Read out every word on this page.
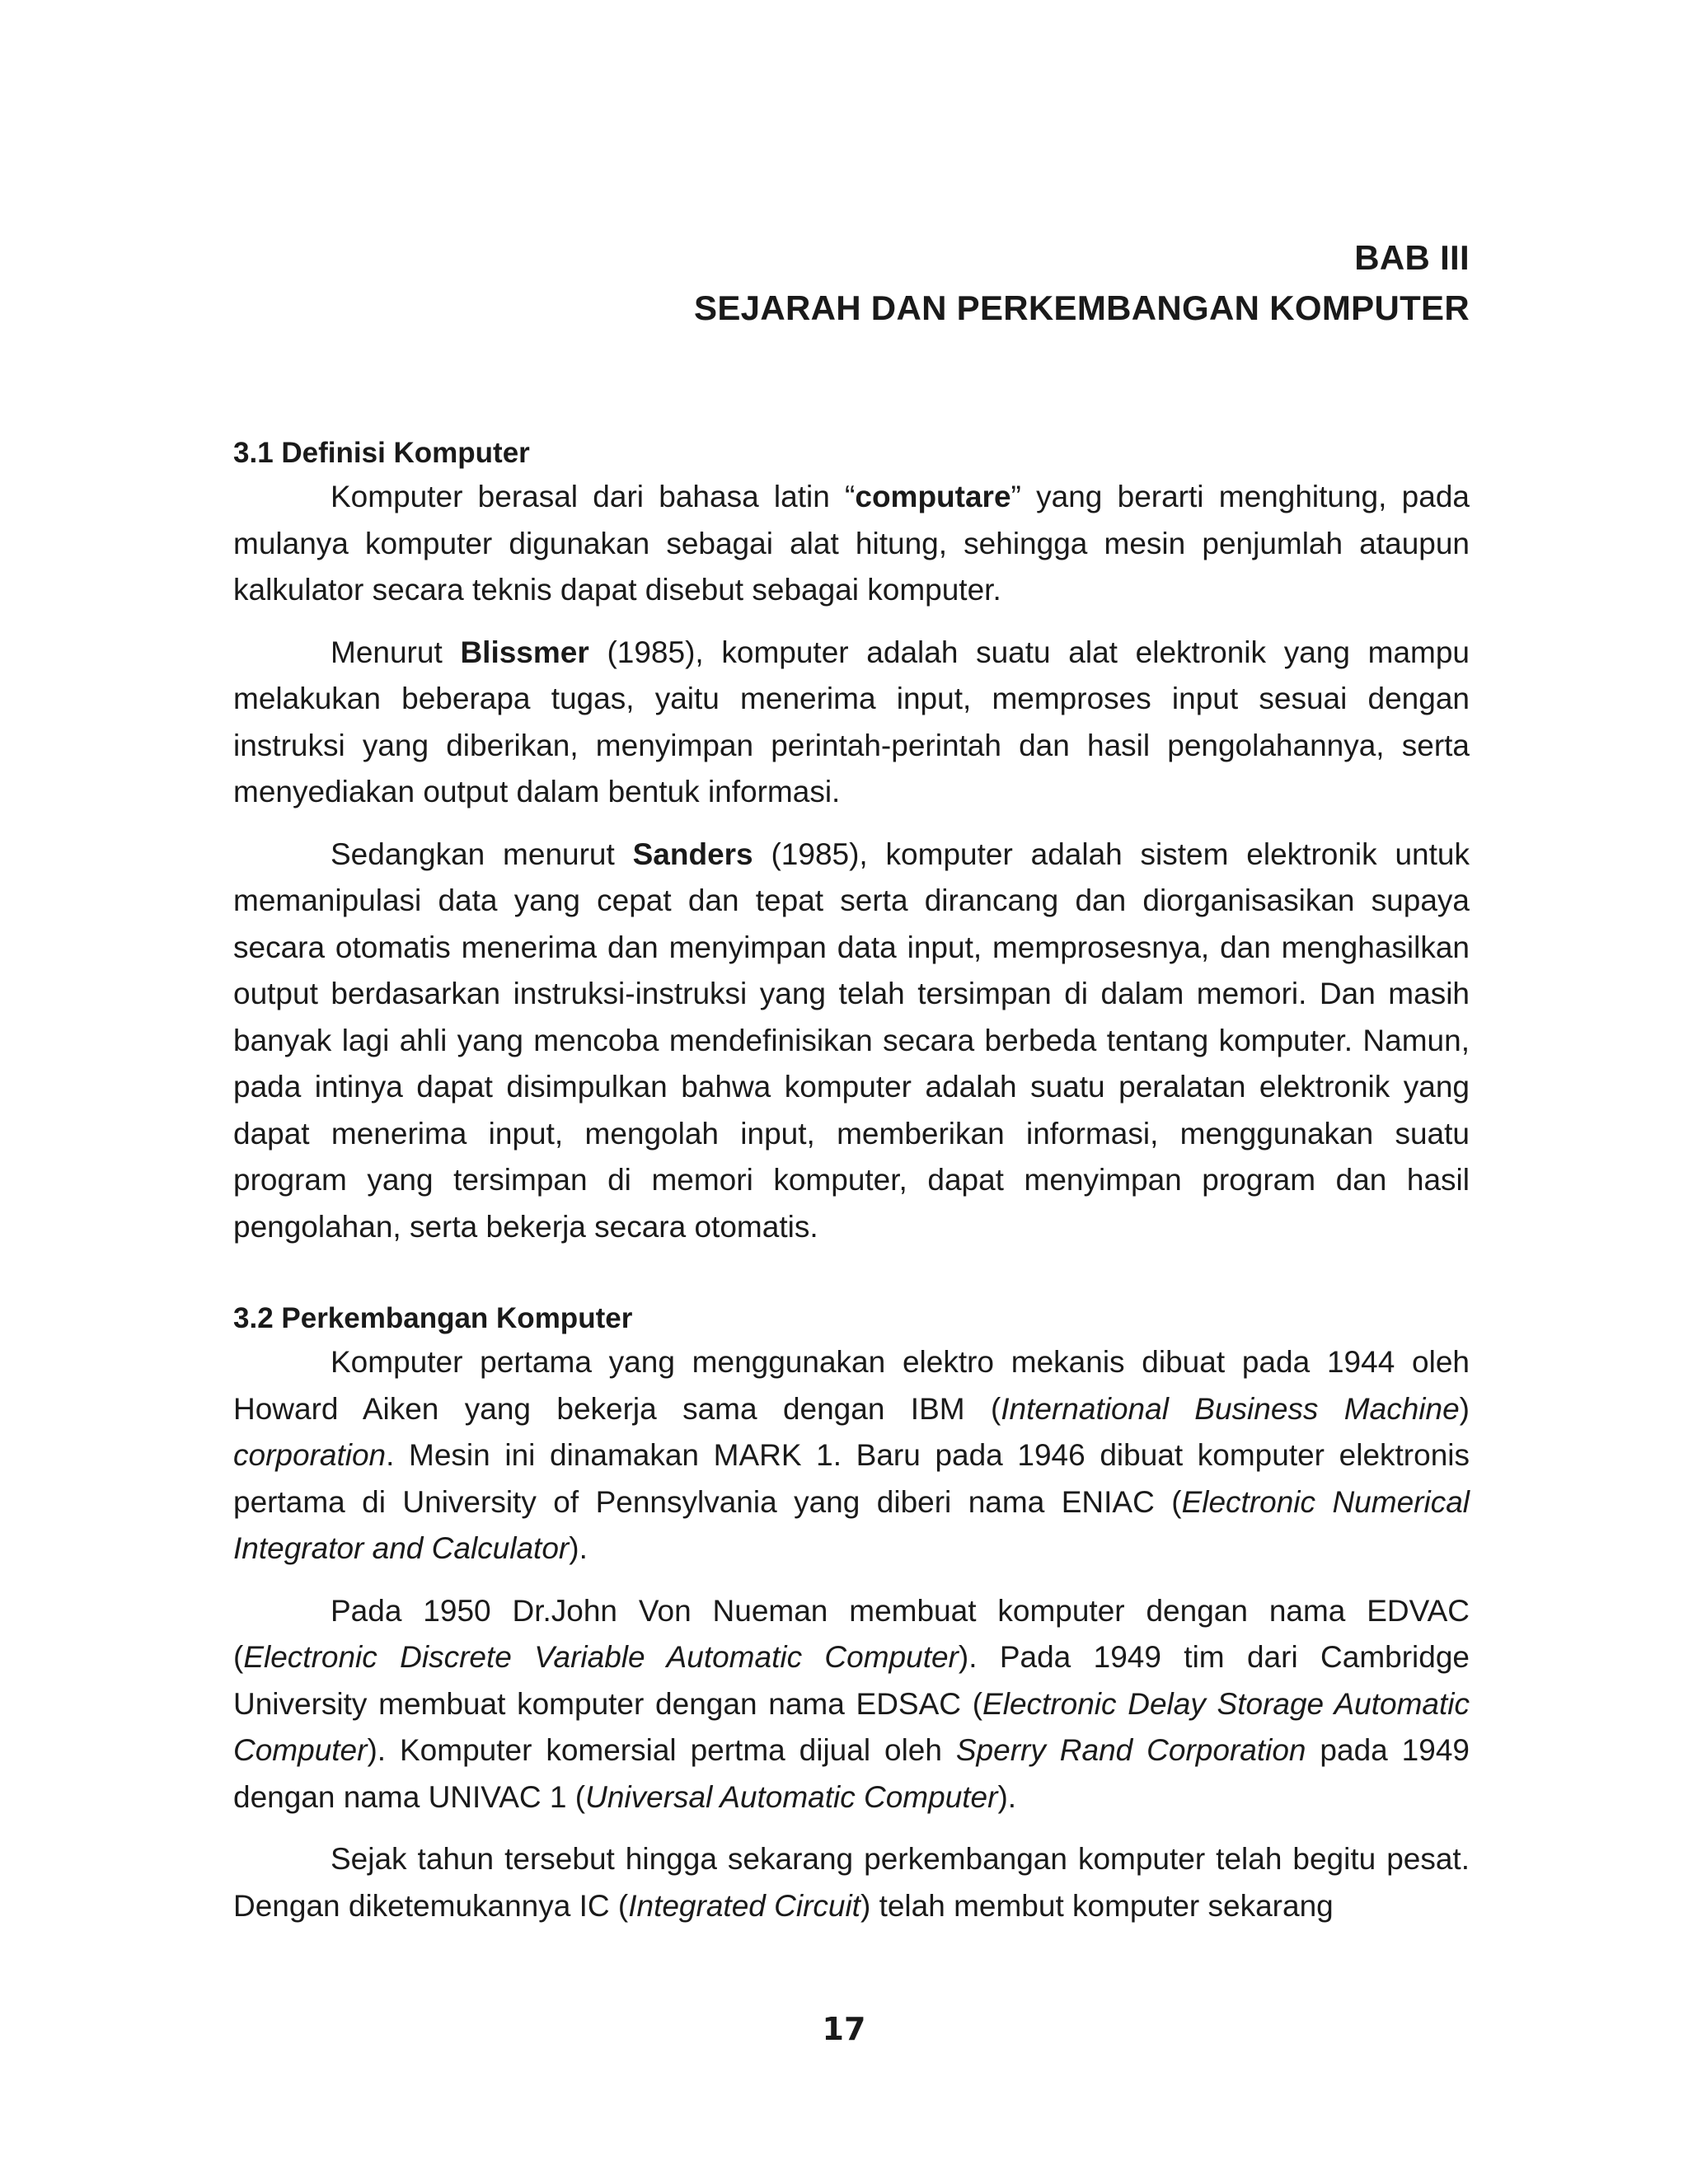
BAB III
SEJARAH DAN PERKEMBANGAN KOMPUTER
3.1 Definisi Komputer

Komputer berasal dari bahasa latin “computare” yang berarti menghitung, pada mulanya komputer digunakan sebagai alat hitung, sehingga mesin penjumlah ataupun kalkulator secara teknis dapat disebut sebagai komputer.

Menurut Blissmer (1985), komputer adalah suatu alat elektronik yang mampu melakukan beberapa tugas, yaitu menerima input, memproses input sesuai dengan instruksi yang diberikan, menyimpan perintah-perintah dan hasil pengolahannya, serta menyediakan output dalam bentuk informasi.

Sedangkan menurut Sanders (1985), komputer adalah sistem elektronik untuk memanipulasi data yang cepat dan tepat serta dirancang dan diorganisasikan supaya secara otomatis menerima dan menyimpan data input, memprosesnya, dan menghasilkan output berdasarkan instruksi-instruksi yang telah tersimpan di dalam memori. Dan masih banyak lagi ahli yang mencoba mendefinisikan secara berbeda tentang komputer. Namun, pada intinya dapat disimpulkan bahwa komputer adalah suatu peralatan elektronik yang dapat menerima input, mengolah input, memberikan informasi, menggunakan suatu program yang tersimpan di memori komputer, dapat menyimpan program dan hasil pengolahan, serta bekerja secara otomatis.

3.2 Perkembangan Komputer

Komputer pertama yang menggunakan elektro mekanis dibuat pada 1944 oleh Howard Aiken yang bekerja sama dengan IBM (International Business Machine) corporation. Mesin ini dinamakan MARK 1. Baru pada 1946 dibuat komputer elektronis pertama di University of Pennsylvania yang diberi nama ENIAC (Electronic Numerical Integrator and Calculator).

Pada 1950 Dr.John Von Nueman membuat komputer dengan nama EDVAC (Electronic Discrete Variable Automatic Computer). Pada 1949 tim dari Cambridge University membuat komputer dengan nama EDSAC (Electronic Delay Storage Automatic Computer). Komputer komersial pertma dijual oleh Sperry Rand Corporation pada 1949 dengan nama UNIVAC 1 (Universal Automatic Computer).

Sejak tahun tersebut hingga sekarang perkembangan komputer telah begitu pesat. Dengan diketemukannya IC (Integrated Circuit) telah membut komputer sekarang

17
